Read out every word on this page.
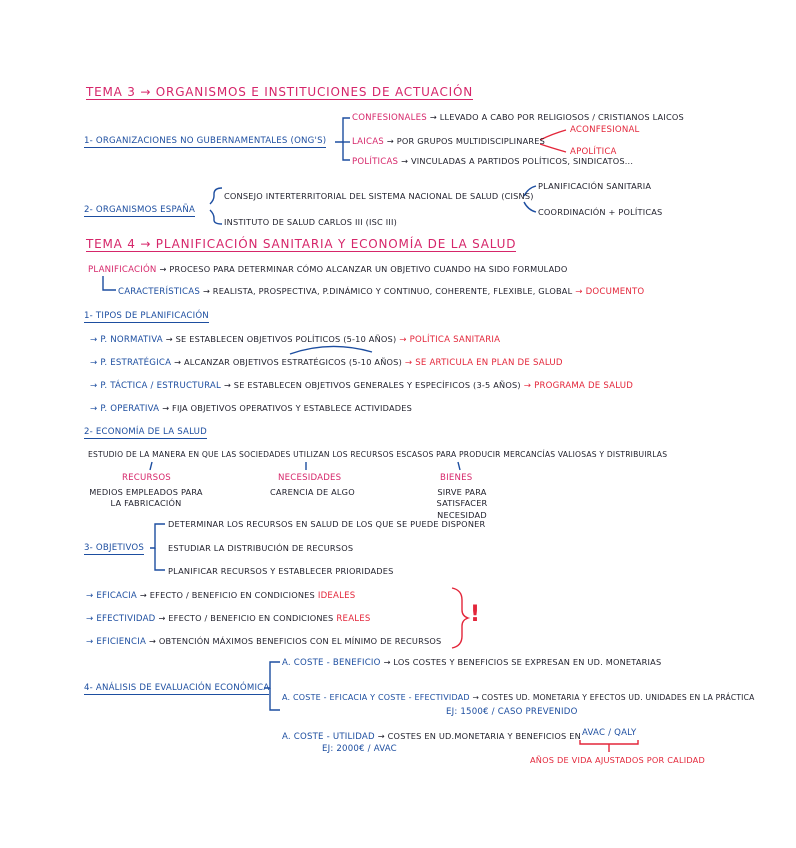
TEMA 3 → ORGANISMOS E INSTITUCIONES DE ACTUACIÓN
1- ORGANIZACIONES NO GUBERNAMENTALES (ONG'S)
CONFESIONALES → LLEVADO A CABO POR RELIGIOSOS / CRISTIANOS LAICOS
LAICAS → POR GRUPOS MULTIDISCIPLINARES
ACONFESIONAL
APOLÍTICA
POLÍTICAS → VINCULADAS A PARTIDOS POLÍTICOS, SINDICATOS...
2- ORGANISMOS ESPAÑA
CONSEJO INTERTERRITORIAL DEL SISTEMA NACIONAL DE SALUD (CISNS)
INSTITUTO DE SALUD CARLOS III (ISC III)
PLANIFICACIÓN SANITARIA
COORDINACIÓN + POLÍTICAS
TEMA 4 → PLANIFICACIÓN SANITARIA Y ECONOMÍA DE LA SALUD
PLANIFICACIÓN → PROCESO PARA DETERMINAR CÓMO ALCANZAR UN OBJETIVO CUANDO HA SIDO FORMULADO
CARACTERÍSTICAS → REALISTA, PROSPECTIVA, P.DINÁMICO Y CONTINUO, COHERENTE, FLEXIBLE, GLOBAL → DOCUMENTO
1- TIPOS DE PLANIFICACIÓN
→ P. NORMATIVA → SE ESTABLECEN OBJETIVOS POLÍTICOS (5-10 AÑOS) → POLÍTICA SANITARIA
→ P. ESTRATÉGICA → ALCANZAR OBJETIVOS ESTRATÉGICOS (5-10 AÑOS) → SE ARTICULA EN PLAN DE SALUD
→ P. TÁCTICA / ESTRUCTURAL → SE ESTABLECEN OBJETIVOS GENERALES Y ESPECÍFICOS (3-5 AÑOS) → PROGRAMA DE SALUD
→ P. OPERATIVA → FIJA OBJETIVOS OPERATIVOS Y ESTABLECE ACTIVIDADES
2- ECONOMÍA DE LA SALUD
ESTUDIO DE LA MANERA EN QUE LAS SOCIEDADES UTILIZAN LOS RECURSOS ESCASOS PARA PRODUCIR MERCANCÍAS VALIOSAS Y DISTRIBUIRLAS
RECURSOS
MEDIOS EMPLEADOS PARA LA FABRICACIÓN
NECESIDADES
CARENCIA DE ALGO
BIENES
SIRVE PARA SATISFACER NECESIDAD
3- OBJETIVOS
DETERMINAR LOS RECURSOS EN SALUD DE LOS QUE SE PUEDE DISPONER
ESTUDIAR LA DISTRIBUCIÓN DE RECURSOS
PLANIFICAR RECURSOS Y ESTABLECER PRIORIDADES
→ EFICACIA → EFECTO / BENEFICIO EN CONDICIONES IDEALES
→ EFECTIVIDAD → EFECTO / BENEFICIO EN CONDICIONES REALES
→ EFICIENCIA → OBTENCIÓN MÁXIMOS BENEFICIOS CON EL MÍNIMO DE RECURSOS
!
4- ANÁLISIS DE EVALUACIÓN ECONÓMICA
A. COSTE - BENEFICIO → LOS COSTES Y BENEFICIOS SE EXPRESAN EN UD. MONETARIAS
A. COSTE - EFICACIA Y COSTE - EFECTIVIDAD → COSTES UD. MONETARIA Y EFECTOS UD. UNIDADES EN LA PRÁCTICA
EJ: 1500€ / CASO PREVENIDO
A. COSTE - UTILIDAD → COSTES EN UD.MONETARIA Y BENEFICIOS EN AVAC / QALY
EJ: 2000€ / AVAC
AÑOS DE VIDA AJUSTADOS POR CALIDAD
